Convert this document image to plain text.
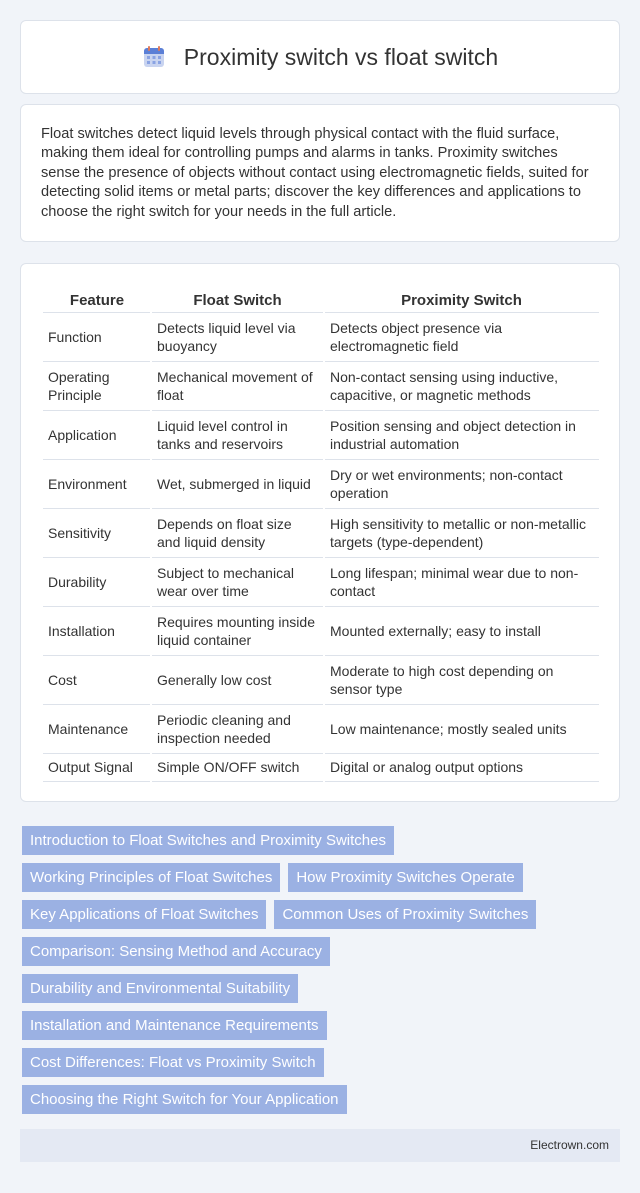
Proximity switch vs float switch

Float switches detect liquid levels through physical contact with the fluid surface, making them ideal for controlling pumps and alarms in tanks. Proximity switches sense the presence of objects without contact using electromagnetic fields, suited for detecting solid items or metal parts; discover the key differences and applications to choose the right switch for your needs in the full article.

Feature	Float Switch	Proximity Switch
Function	Detects liquid level via buoyancy	Detects object presence via electromagnetic field
Operating Principle	Mechanical movement of float	Non-contact sensing using inductive, capacitive, or magnetic methods
Application	Liquid level control in tanks and reservoirs	Position sensing and object detection in industrial automation
Environment	Wet, submerged in liquid	Dry or wet environments; non-contact operation
Sensitivity	Depends on float size and liquid density	High sensitivity to metallic or non-metallic targets (type-dependent)
Durability	Subject to mechanical wear over time	Long lifespan; minimal wear due to non-contact
Installation	Requires mounting inside liquid container	Mounted externally; easy to install
Cost	Generally low cost	Moderate to high cost depending on sensor type
Maintenance	Periodic cleaning and inspection needed	Low maintenance; mostly sealed units
Output Signal	Simple ON/OFF switch	Digital or analog output options
Introduction to Float Switches and Proximity Switches
Working Principles of Float Switches	How Proximity Switches Operate
Key Applications of Float Switches	Common Uses of Proximity Switches
Comparison: Sensing Method and Accuracy
Durability and Environmental Suitability
Installation and Maintenance Requirements
Cost Differences: Float vs Proximity Switch
Choosing the Right Switch for Your Application
Electrown.com
